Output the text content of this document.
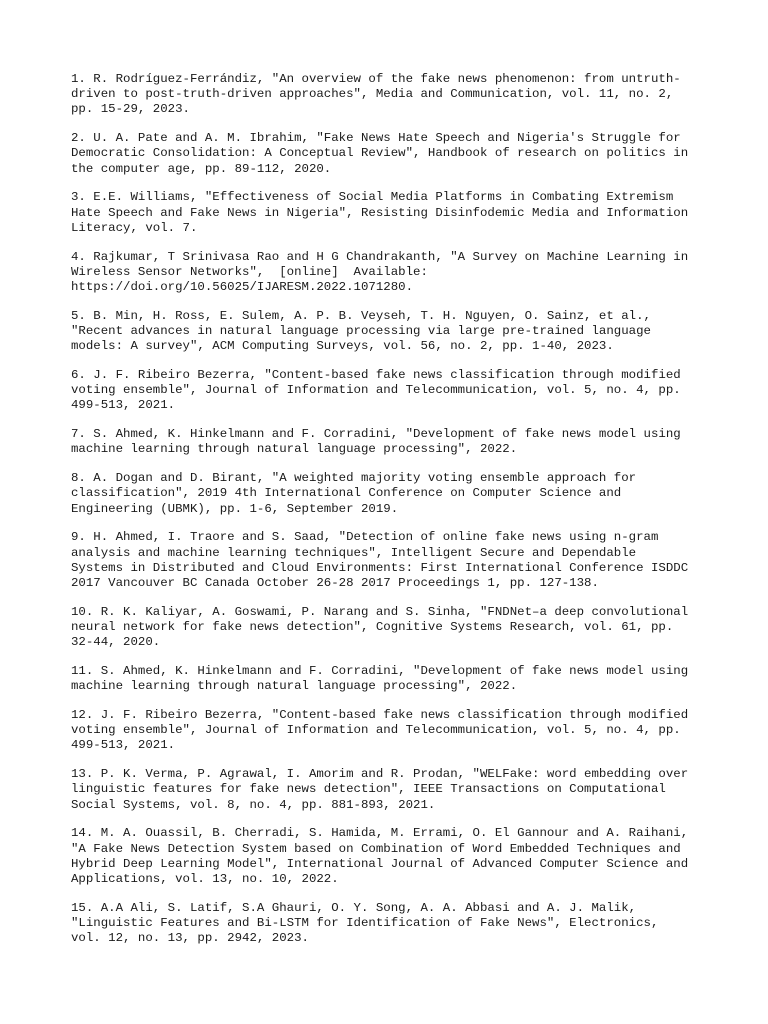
1. R. Rodríguez-Ferrándiz, "An overview of the fake news phenomenon: from untruth-
driven to post-truth-driven approaches", Media and Communication, vol. 11, no. 2,
pp. 15-29, 2023.
2. U. A. Pate and A. M. Ibrahim, "Fake News Hate Speech and Nigeria's Struggle for
Democratic Consolidation: A Conceptual Review", Handbook of research on politics in
the computer age, pp. 89-112, 2020.
3. E.E. Williams, "Effectiveness of Social Media Platforms in Combating Extremism
Hate Speech and Fake News in Nigeria", Resisting Disinfodemic Media and Information
Literacy, vol. 7.
4. Rajkumar, T Srinivasa Rao and H G Chandrakanth, "A Survey on Machine Learning in
Wireless Sensor Networks",  [online]  Available:
https://doi.org/10.56025/IJARESM.2022.1071280.
5. B. Min, H. Ross, E. Sulem, A. P. B. Veyseh, T. H. Nguyen, O. Sainz, et al.,
"Recent advances in natural language processing via large pre-trained language
models: A survey", ACM Computing Surveys, vol. 56, no. 2, pp. 1-40, 2023.
6. J. F. Ribeiro Bezerra, "Content-based fake news classification through modified
voting ensemble", Journal of Information and Telecommunication, vol. 5, no. 4, pp.
499-513, 2021.
7. S. Ahmed, K. Hinkelmann and F. Corradini, "Development of fake news model using
machine learning through natural language processing", 2022.
8. A. Dogan and D. Birant, "A weighted majority voting ensemble approach for
classification", 2019 4th International Conference on Computer Science and
Engineering (UBMK), pp. 1-6, September 2019.
9. H. Ahmed, I. Traore and S. Saad, "Detection of online fake news using n-gram
analysis and machine learning techniques", Intelligent Secure and Dependable
Systems in Distributed and Cloud Environments: First International Conference ISDDC
2017 Vancouver BC Canada October 26-28 2017 Proceedings 1, pp. 127-138.
10. R. K. Kaliyar, A. Goswami, P. Narang and S. Sinha, "FNDNet–a deep convolutional
neural network for fake news detection", Cognitive Systems Research, vol. 61, pp.
32-44, 2020.
11. S. Ahmed, K. Hinkelmann and F. Corradini, "Development of fake news model using
machine learning through natural language processing", 2022.
12. J. F. Ribeiro Bezerra, "Content-based fake news classification through modified
voting ensemble", Journal of Information and Telecommunication, vol. 5, no. 4, pp.
499-513, 2021.
13. P. K. Verma, P. Agrawal, I. Amorim and R. Prodan, "WELFake: word embedding over
linguistic features for fake news detection", IEEE Transactions on Computational
Social Systems, vol. 8, no. 4, pp. 881-893, 2021.
14. M. A. Ouassil, B. Cherradi, S. Hamida, M. Errami, O. El Gannour and A. Raihani,
"A Fake News Detection System based on Combination of Word Embedded Techniques and
Hybrid Deep Learning Model", International Journal of Advanced Computer Science and
Applications, vol. 13, no. 10, 2022.
15. A.A Ali, S. Latif, S.A Ghauri, O. Y. Song, A. A. Abbasi and A. J. Malik,
"Linguistic Features and Bi-LSTM for Identification of Fake News", Electronics,
vol. 12, no. 13, pp. 2942, 2023.
